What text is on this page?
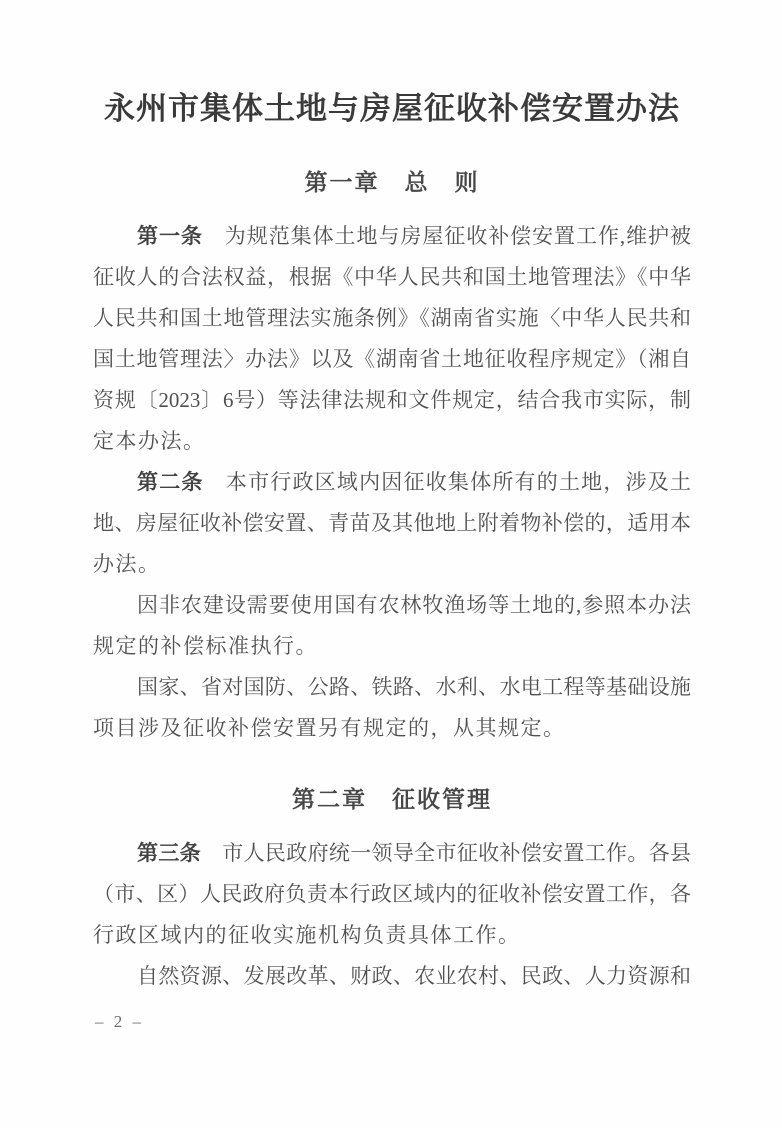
永州市集体土地与房屋征收补偿安置办法
第一章　总　则
第一条　为规范集体土地与房屋征收补偿安置工作,维护被
征收人的合法权益，根据《中华人民共和国土地管理法》《中华
人民共和国土地管理法实施条例》《湖南省实施〈中华人民共和
国土地管理法〉办法》以及《湖南省土地征收程序规定》（湘自
资规〔2023〕6号）等法律法规和文件规定，结合我市实际，制
定本办法。
第二条　本市行政区域内因征收集体所有的土地，涉及土
地、房屋征收补偿安置、青苗及其他地上附着物补偿的，适用本
办法。
因非农建设需要使用国有农林牧渔场等土地的,参照本办法
规定的补偿标准执行。
国家、省对国防、公路、铁路、水利、水电工程等基础设施
项目涉及征收补偿安置另有规定的，从其规定。
第二章　征收管理
第三条　市人民政府统一领导全市征收补偿安置工作。各县
（市、区）人民政府负责本行政区域内的征收补偿安置工作，各
行政区域内的征收实施机构负责具体工作。
自然资源、发展改革、财政、农业农村、民政、人力资源和
– 2 –
